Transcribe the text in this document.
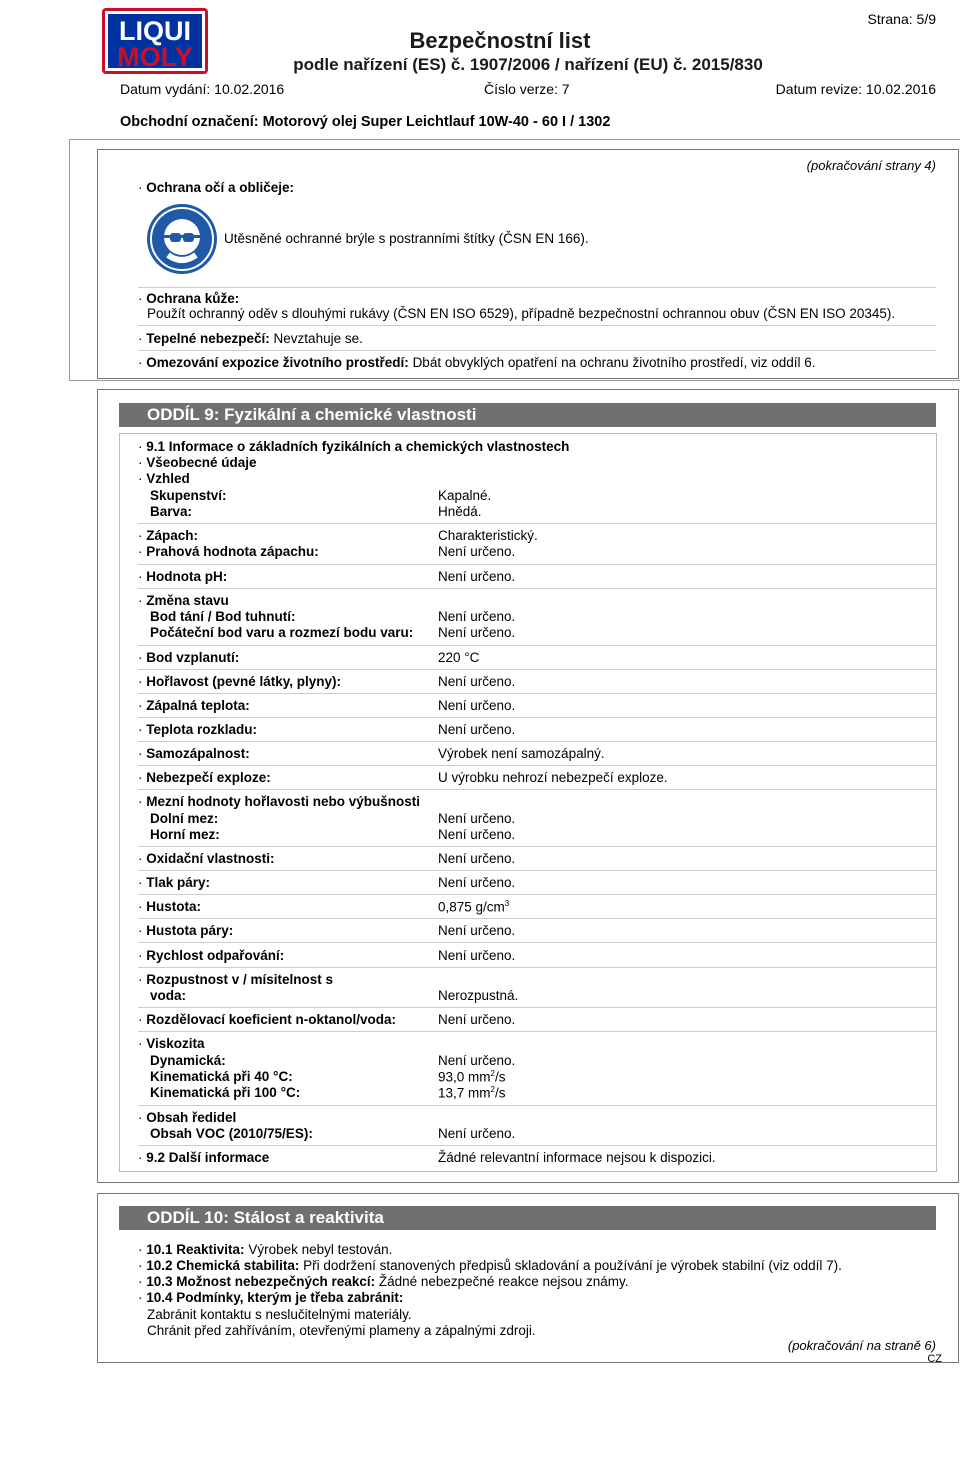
LIQUI
MOLY
Bezpečnostní list
podle nařízení (ES) č. 1907/2006 / nařízení (EU) č. 2015/830
Strana: 5/9
Datum vydání: 10.02.2016	Číslo verze: 7	Datum revize: 10.02.2016
Obchodní označení: Motorový olej Super Leichtlauf 10W-40 - 60 I / 1302
(pokračování strany 4)
· Ochrana očí a obličeje:
Utěsněné ochranné brýle s postranními štítky (ČSN EN 166).
· Ochrana kůže:
Použít ochranný oděv s dlouhými rukávy (ČSN EN ISO 6529), případně bezpečnostní ochrannou obuv (ČSN EN ISO 20345).
· Tepelné nebezpečí: Nevztahuje se.
· Omezování expozice životního prostředí: Dbát obvyklých opatření na ochranu životního prostředí, viz oddíl 6.
ODDÍL 9: Fyzikální a chemické vlastnosti
· 9.1 Informace o základních fyzikálních a chemických vlastnostech
· Všeobecné údaje
· Vzhled
Skupenství:	Kapalné.
Barva:	Hnědá.
· Zápach:	Charakteristický.
· Prahová hodnota zápachu:	Není určeno.
· Hodnota pH:	Není určeno.
· Změna stavu
Bod tání / Bod tuhnutí:	Není určeno.
Počáteční bod varu a rozmezí bodu varu: Není určeno.
· Bod vzplanutí:	220 °C
· Hořlavost (pevné látky, plyny):	Není určeno.
· Zápalná teplota:	Není určeno.
· Teplota rozkladu:	Není určeno.
· Samozápalnost:	Výrobek není samozápalný.
· Nebezpečí exploze:	U výrobku nehrozí nebezpečí exploze.
· Mezní hodnoty hořlavosti nebo výbušnosti
Dolní mez:	Není určeno.
Horní mez:	Není určeno.
· Oxidační vlastnosti:	Není určeno.
· Tlak páry:	Není určeno.
· Hustota:	0,875 $g/cm^3$
· Hustota páry:	Není určeno.
· Rychlost odpařování:	Není určeno.
· Rozpustnost v / mísitelnost s
voda:	Nerozpustná.
· Rozdělovací koeficient n-oktanol/voda:	Není určeno.
· Viskozita
Dynamická:	Není určeno.
Kinematická při 40 °C:	93,0 $mm^2/s$
Kinematická při 100 °C:	13,7 $mm^2/s$
· Obsah ředidel
Obsah VOC (2010/75/ES):	Není určeno.
· 9.2 Další informace	Žádné relevantní informace nejsou k dispozici.
ODDÍL 10: Stálost a reaktivita
· 10.1 Reaktivita: Výrobek nebyl testován.
· 10.2 Chemická stabilita: Při dodržení stanovených předpisů skladování a používání je výrobek stabilní (viz oddíl 7).
· 10.3 Možnost nebezpečných reakcí: Žádné nebezpečné reakce nejsou známy.
· 10.4 Podmínky, kterým je třeba zabránit:
Zabránit kontaktu s neslučitelnými materiály.
Chránit před zahříváním, otevřenými plameny a zápalnými zdroji.
(pokračování na straně 6)
CZ
